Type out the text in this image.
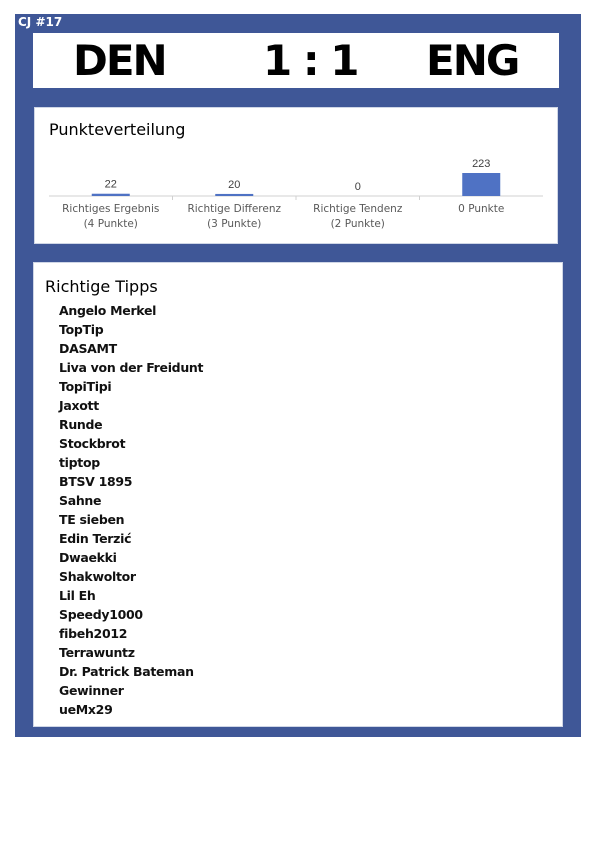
CJ #17
DEN 1 : 1 ENG
Punkteverteilung
22
Richtiges Ergebnis
(4 Punkte)
20
Richtige Differenz
(3 Punkte)
0
Richtige Tendenz
(2 Punkte)
223
0 Punkte
Richtige Tipps
Angelo Merkel
TopTip
DASAMT
Liva von der Freidunt
TopiTipi
Jaxott
Runde
Stockbrot
tiptop
BTSV 1895
Sahne
TE sieben
Edin Terzić
Dwaekki
Shakwoltor
Lil Eh
Speedy1000
fibeh2012
Terrawuntz
Dr. Patrick Bateman
Gewinner
ueMx29
